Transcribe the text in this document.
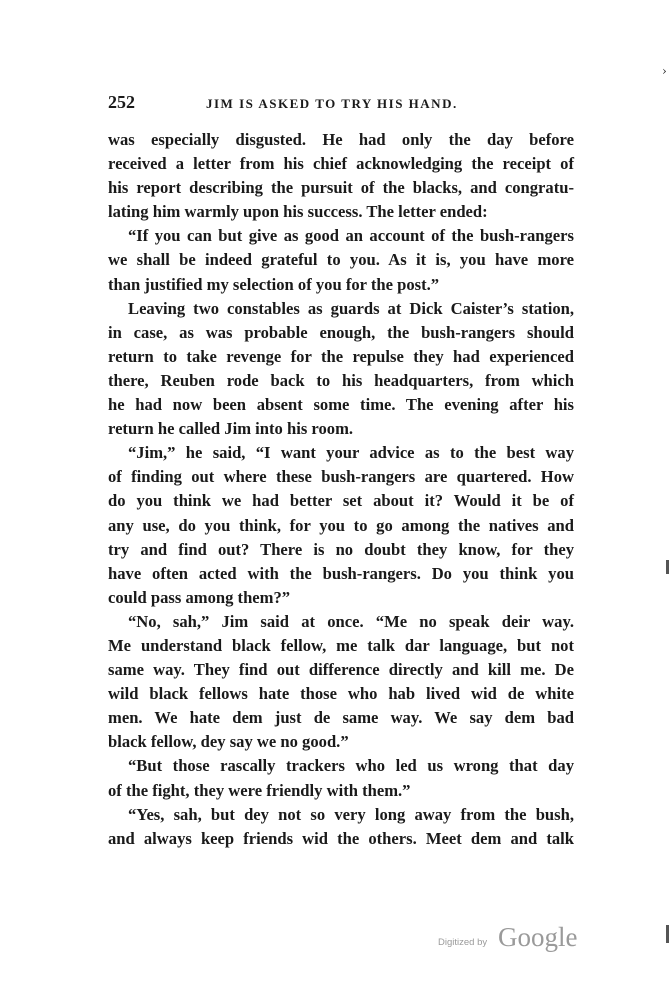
›
252	JIM IS ASKED TO TRY HIS HAND.

was especially disgusted. He had only the day before

received a letter from his chief acknowledging the receipt of

his report describing the pursuit of the blacks, and congratu-

lating him warmly upon his success. The letter ended:

“If you can but give as good an account of the bush-rangers

we shall be indeed grateful to you. As it is, you have more

than justified my selection of you for the post.”

Leaving two constables as guards at Dick Caister’s station,

in case, as was probable enough, the bush-rangers should

return to take revenge for the repulse they had experienced

there, Reuben rode back to his headquarters, from which

he had now been absent some time. The evening after his

return he called Jim into his room.

“Jim,” he said, “I want your advice as to the best way

of finding out where these bush-rangers are quartered. How

do you think we had better set about it? Would it be of

any use, do you think, for you to go among the natives and

try and find out? There is no doubt they know, for they

have often acted with the bush-rangers. Do you think you

could pass among them?”

“No, sah,” Jim said at once. “Me no speak deir way.

Me understand black fellow, me talk dar language, but not

same way. They find out difference directly and kill me. De

wild black fellows hate those who hab lived wid de white

men. We hate dem just de same way. We say dem bad

black fellow, dey say we no good.”

“But those rascally trackers who led us wrong that day

of the fight, they were friendly with them.”

“Yes, sah, but dey not so very long away from the bush,

and always keep friends wid the others. Meet dem and talk

Digitized by Google
